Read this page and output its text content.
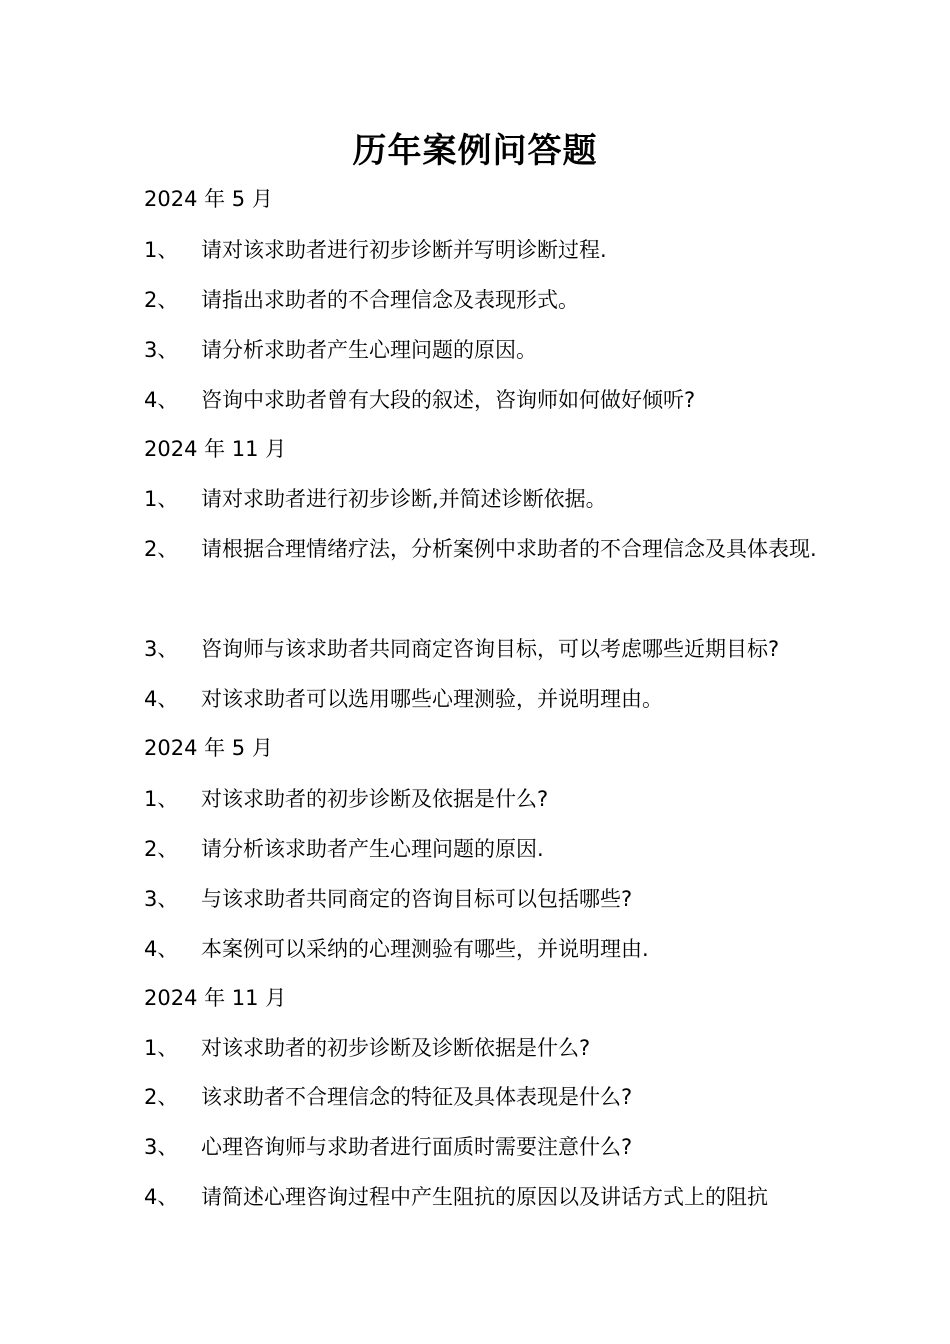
历年案例问答题
2024 年 5 月
1、	请对该求助者进行初步诊断并写明诊断过程.
2、	请指出求助者的不合理信念及表现形式。
3、	请分析求助者产生心理问题的原因。
4、	咨询中求助者曾有大段的叙述，咨询师如何做好倾听?
2024 年 11 月
1、	请对求助者进行初步诊断,并简述诊断依据。
2、	请根据合理情绪疗法，分析案例中求助者的不合理信念及具体表现.
3、	咨询师与该求助者共同商定咨询目标，可以考虑哪些近期目标?
4、	对该求助者可以选用哪些心理测验，并说明理由。
2024 年 5 月
1、	对该求助者的初步诊断及依据是什么?
2、	请分析该求助者产生心理问题的原因.
3、	与该求助者共同商定的咨询目标可以包括哪些?
4、	本案例可以采纳的心理测验有哪些，并说明理由.
2024 年 11 月
1、	对该求助者的初步诊断及诊断依据是什么?
2、	该求助者不合理信念的特征及具体表现是什么?
3、	心理咨询师与求助者进行面质时需要注意什么?
4、	请简述心理咨询过程中产生阻抗的原因以及讲话方式上的阻抗
